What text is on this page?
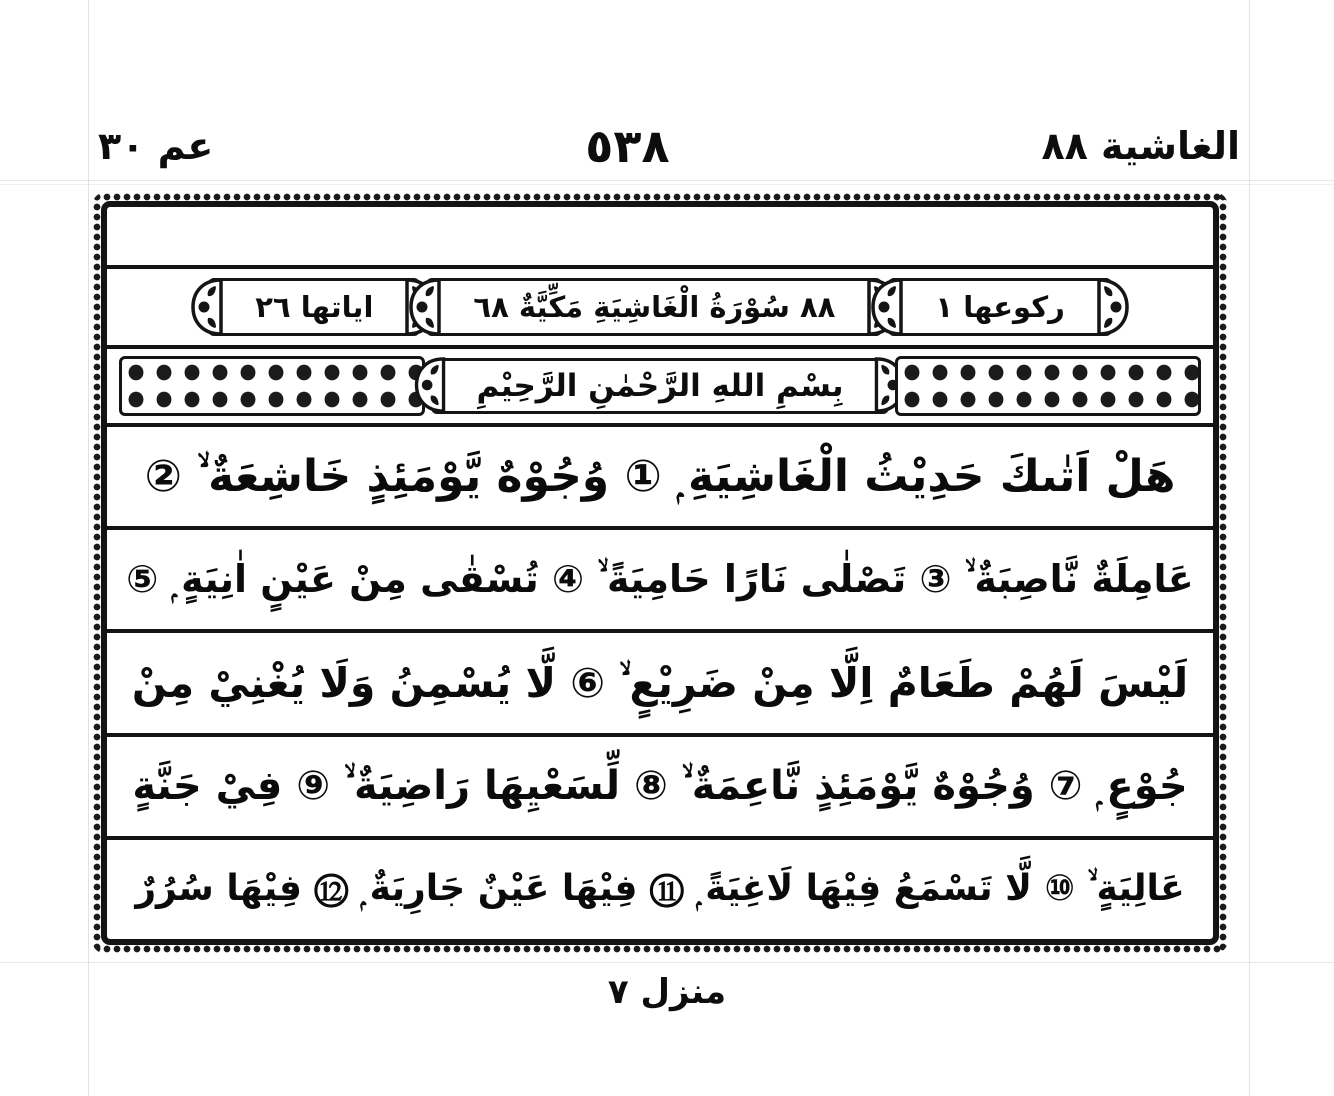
الغاشية ٨٨
٥٣٨
عم ٣٠
اياتها ٢٦	٨٨ سُوْرَةُ الْغَاشِيَةِ مَكِّيَّةٌ ٦٨	ركوعها ١
بِسْمِ اللهِ الرَّحْمٰنِ الرَّحِيْمِ
هَلْ اَتٰىكَ حَدِيْثُ الْغَاشِيَةِ ۭ ① وُجُوْهٌ يَّوْمَئِذٍ خَاشِعَةٌ ۙ ②
عَامِلَةٌ نَّاصِبَةٌ ۙ ③ تَصْلٰى نَارًا حَامِيَةً ۙ ④ تُسْقٰى مِنْ عَيْنٍ اٰنِيَةٍ ۭ ⑤
لَيْسَ لَهُمْ طَعَامٌ اِلَّا مِنْ ضَرِيْعٍ ۙ ⑥ لَّا يُسْمِنُ وَلَا يُغْنِيْ مِنْ
جُوْعٍ ۭ ⑦ وُجُوْهٌ يَّوْمَئِذٍ نَّاعِمَةٌ ۙ ⑧ لِّسَعْيِهَا رَاضِيَةٌ ۙ ⑨ فِيْ جَنَّةٍ
عَالِيَةٍ ۙ ⑩ لَّا تَسْمَعُ فِيْهَا لَاغِيَةً ۭ ⑪ فِيْهَا عَيْنٌ جَارِيَةٌ ۭ ⑫ فِيْهَا سُرُرٌ
منزل ٧
